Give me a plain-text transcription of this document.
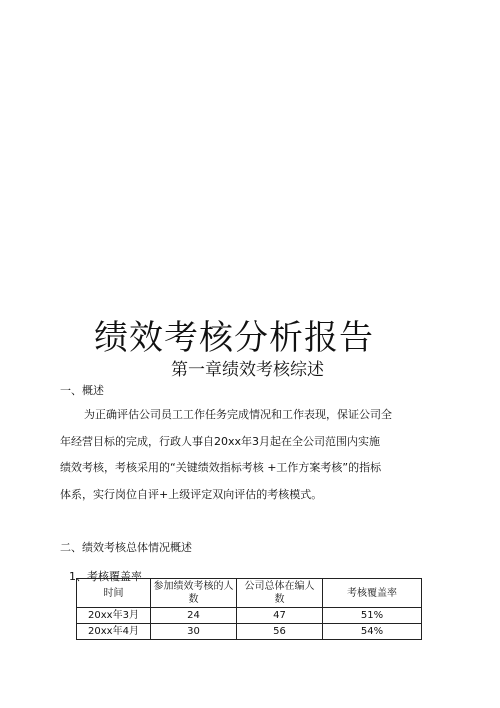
绩效考核分析报告
第一章绩效考核综述
一、概述
为正确评估公司员工工作任务完成情况和工作表现，保证公司全
年经营目标的完成，行政人事自20xx年3月起在全公司范围内实施
绩效考核，考核采用的“关键绩效指标考核 +工作方案考核”的指标
体系，实行岗位自评+上级评定双向评估的考核模式。
二、绩效考核总体情况概述
1、考核覆盖率
时间	参加绩效考核的人数	公司总体在编人 数	考核覆盖率
20xx年3月	24	47	51%
20xx年4月	30	56	54%
